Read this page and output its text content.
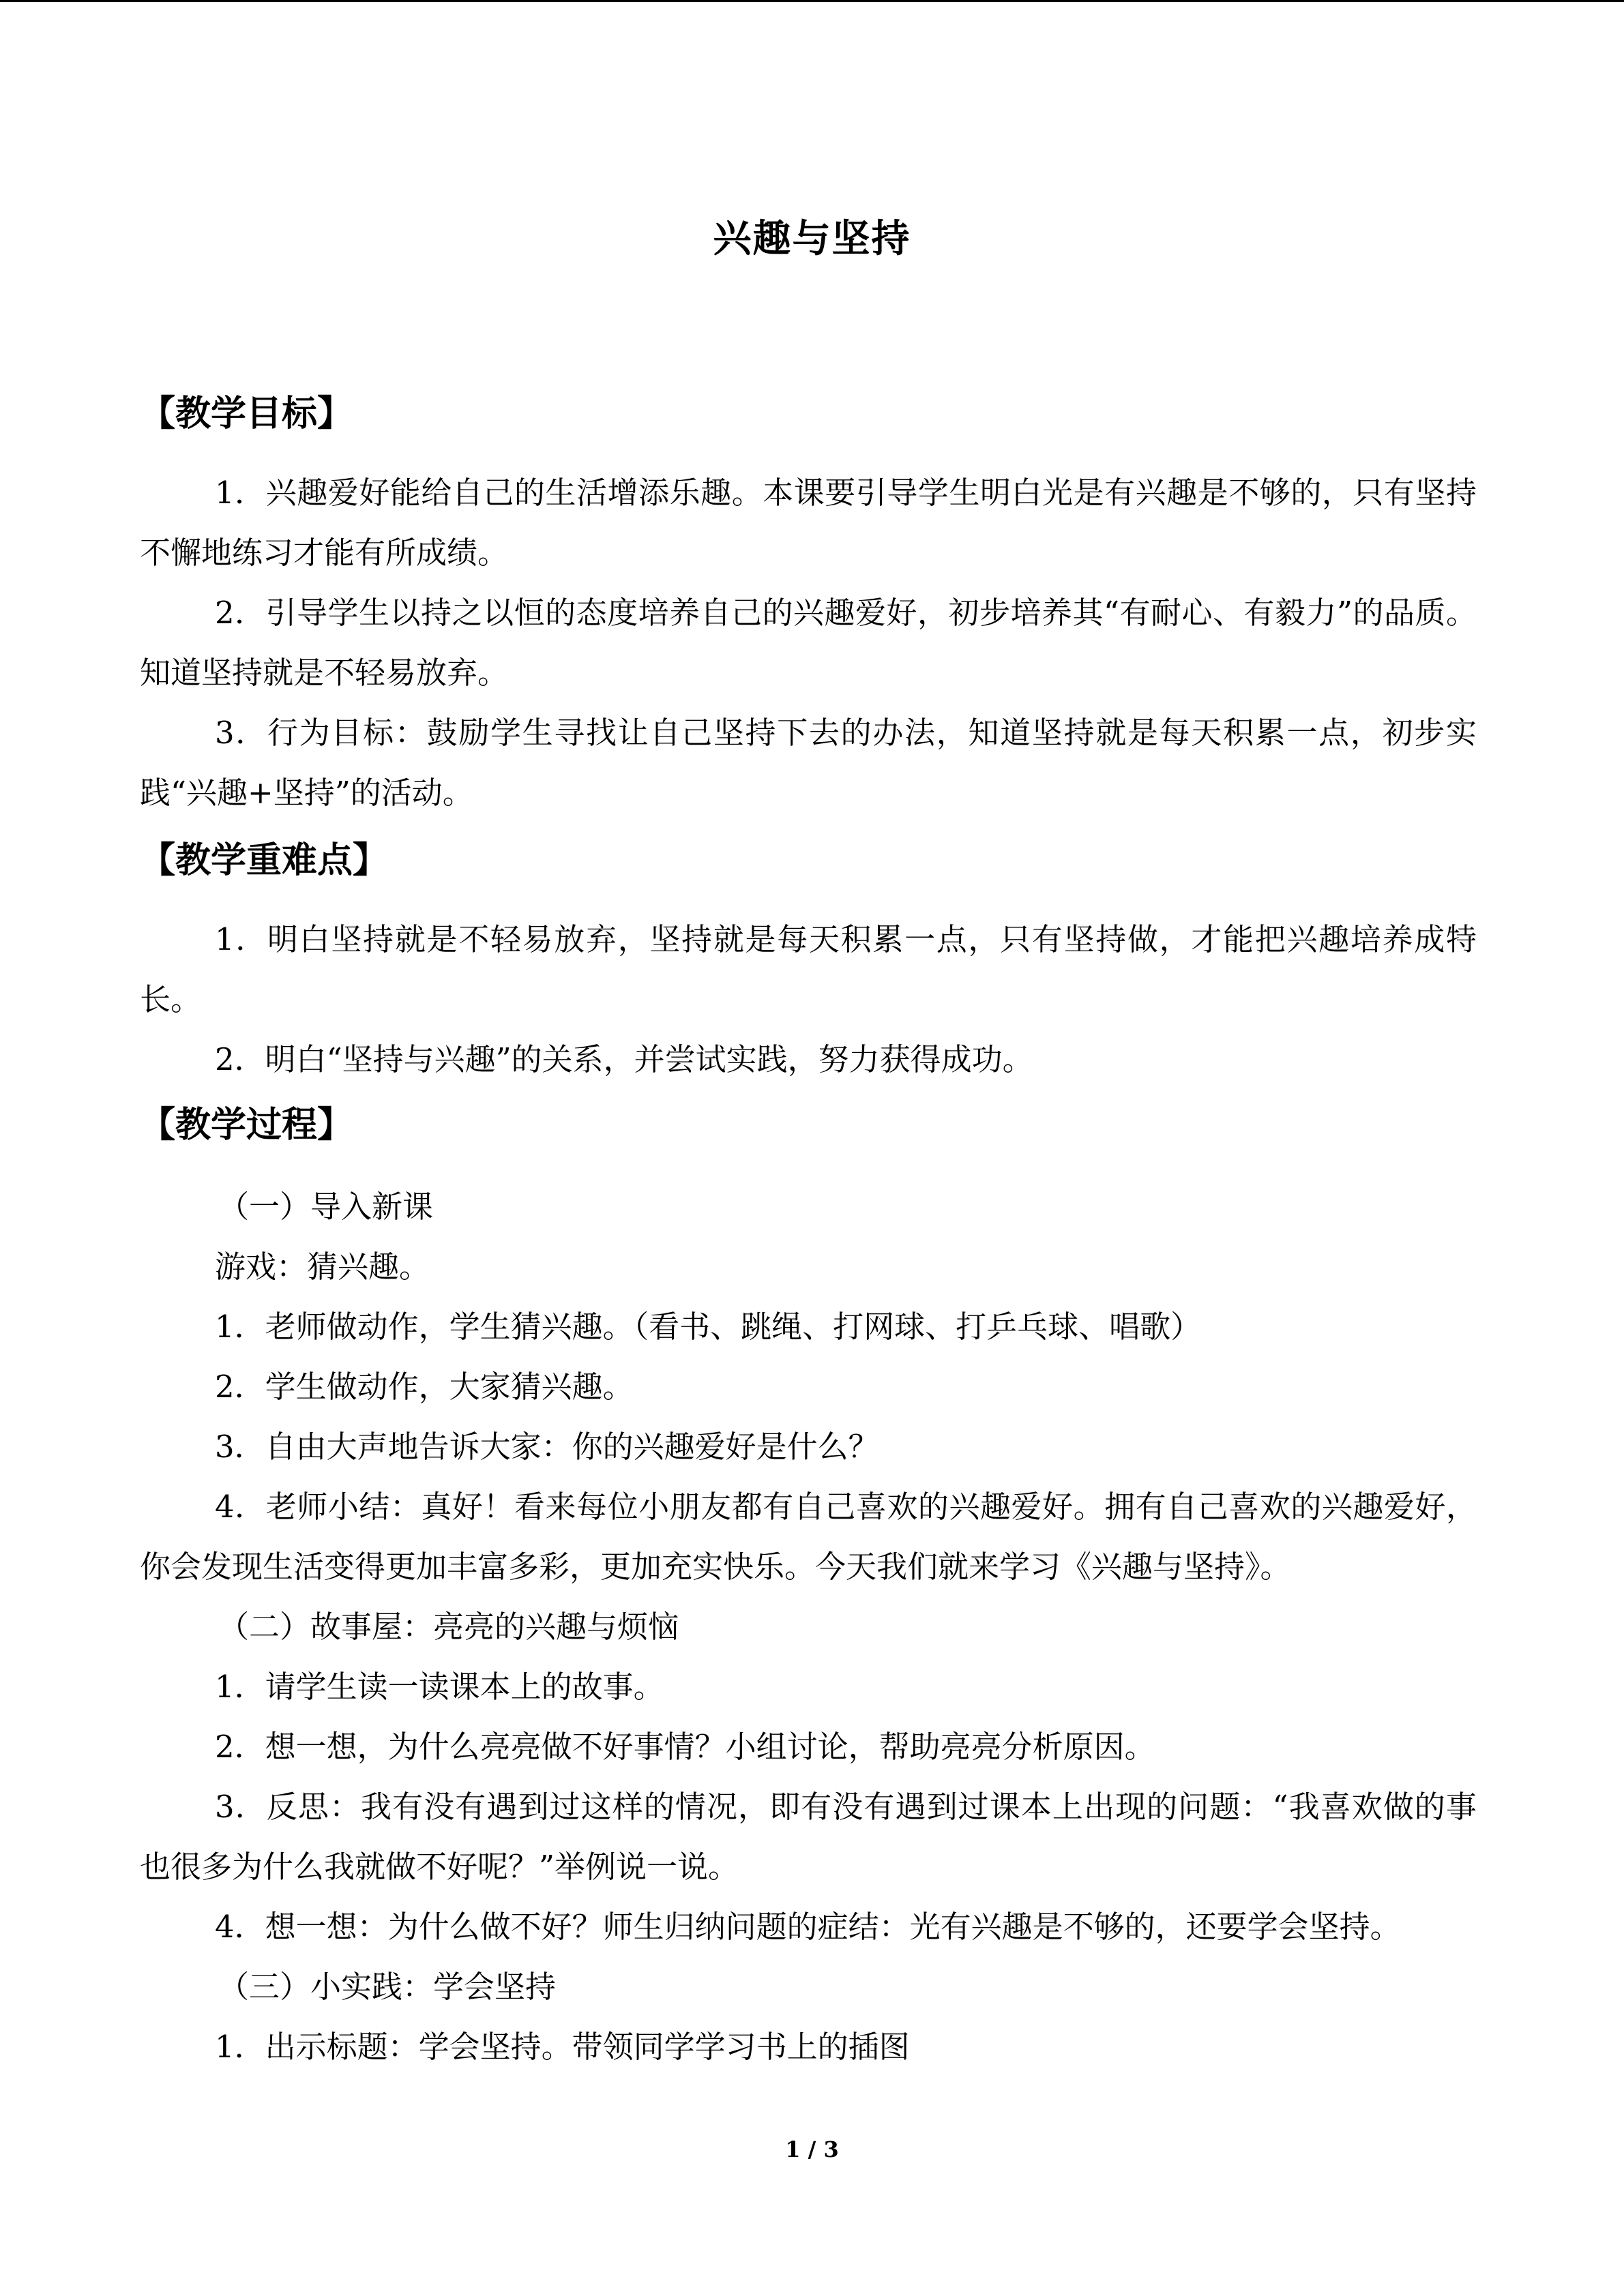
兴趣与坚持
【教学目标】
1．兴趣爱好能给自己的生活增添乐趣。本课要引导学生明白光是有兴趣是不够的，只有坚持不懈地练习才能有所成绩。
2．引导学生以持之以恒的态度培养自己的兴趣爱好，初步培养其“有耐心、有毅力”的品质。知道坚持就是不轻易放弃。
3．行为目标：鼓励学生寻找让自己坚持下去的办法，知道坚持就是每天积累一点，初步实践“兴趣+坚持”的活动。
【教学重难点】
1．明白坚持就是不轻易放弃，坚持就是每天积累一点，只有坚持做，才能把兴趣培养成特长。
2．明白“坚持与兴趣”的关系，并尝试实践，努力获得成功。
【教学过程】
（一）导入新课
游戏：猜兴趣。
1．老师做动作，学生猜兴趣。（看书、跳绳、打网球、打乒乓球、唱歌）
2．学生做动作，大家猜兴趣。
3．自由大声地告诉大家：你的兴趣爱好是什么？
4．老师小结：真好！看来每位小朋友都有自己喜欢的兴趣爱好。拥有自己喜欢的兴趣爱好，你会发现生活变得更加丰富多彩，更加充实快乐。今天我们就来学习《兴趣与坚持》。
（二）故事屋：亮亮的兴趣与烦恼
1．请学生读一读课本上的故事。
2．想一想，为什么亮亮做不好事情？小组讨论，帮助亮亮分析原因。
3．反思：我有没有遇到过这样的情况，即有没有遇到过课本上出现的问题：“我喜欢做的事也很多为什么我就做不好呢？”举例说一说。
4．想一想：为什么做不好？师生归纳问题的症结：光有兴趣是不够的，还要学会坚持。
（三）小实践：学会坚持
1．出示标题：学会坚持。带领同学学习书上的插图
1 / 3
